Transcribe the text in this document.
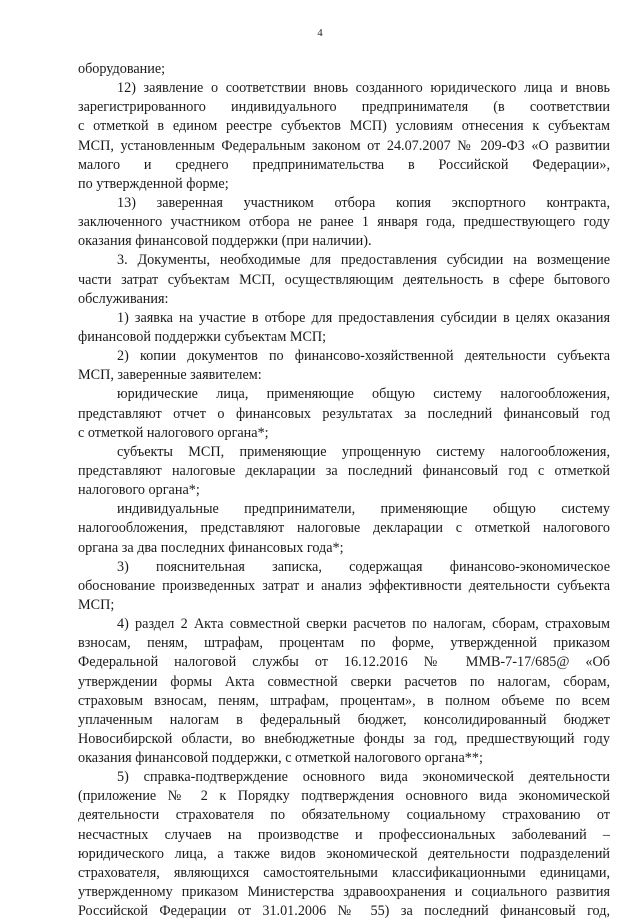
4
оборудование;
12) заявление о соответствии вновь созданного юридического лица и вновь
зарегистрированного индивидуального предпринимателя (в соответствии
с отметкой в едином реестре субъектов МСП) условиям отнесения к субъектам
МСП, установленным Федеральным законом от 24.07.2007 № 209-ФЗ «О развитии
малого и среднего предпринимательства в Российской Федерации»,
по утвержденной форме;
13) заверенная участником отбора копия экспортного контракта,
заключенного участником отбора не ранее 1 января года, предшествующего году
оказания финансовой поддержки (при наличии).
3. Документы, необходимые для предоставления субсидии на возмещение
части затрат субъектам МСП, осуществляющим деятельность в сфере бытового
обслуживания:
1) заявка на участие в отборе для предоставления субсидии в целях оказания
финансовой поддержки субъектам МСП;
2) копии документов по финансово-хозяйственной деятельности субъекта
МСП, заверенные заявителем:
юридические лица, применяющие общую систему налогообложения,
представляют отчет о финансовых результатах за последний финансовый год
с отметкой налогового органа*;
субъекты МСП, применяющие упрощенную систему налогообложения,
представляют налоговые декларации за последний финансовый год с отметкой
налогового органа*;
индивидуальные предприниматели, применяющие общую систему
налогообложения, представляют налоговые декларации с отметкой налогового
органа за два последних финансовых года*;
3) пояснительная записка, содержащая финансово-экономическое
обоснование произведенных затрат и анализ эффективности деятельности субъекта
МСП;
4) раздел 2 Акта совместной сверки расчетов по налогам, сборам, страховым
взносам, пеням, штрафам, процентам по форме, утвержденной приказом
Федеральной налоговой службы от 16.12.2016 № ММВ-7-17/685@ «Об
утверждении формы Акта совместной сверки расчетов по налогам, сборам,
страховым взносам, пеням, штрафам, процентам», в полном объеме по всем
уплаченным налогам в федеральный бюджет, консолидированный бюджет
Новосибирской области, во внебюджетные фонды за год, предшествующий году
оказания финансовой поддержки, с отметкой налогового органа**;
5) справка-подтверждение основного вида экономической деятельности
(приложение № 2 к Порядку подтверждения основного вида экономической
деятельности страхователя по обязательному социальному страхованию от
несчастных случаев на производстве и профессиональных заболеваний –
юридического лица, а также видов экономической деятельности подразделений
страхователя, являющихся самостоятельными классификационными единицами,
утвержденному приказом Министерства здравоохранения и социального развития
Российской Федерации от 31.01.2006 № 55) за последний финансовый год,
